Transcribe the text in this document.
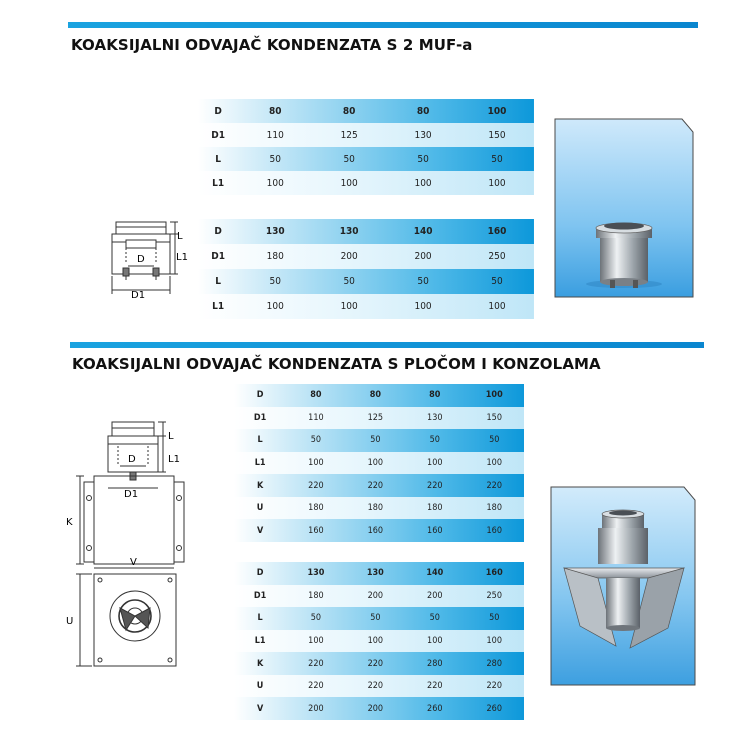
KOAKSIJALNI ODVAJAČ KONDENZATA S 2 MUF-a
D	80	80	80	100
D1	110	125	130	150
L	50	50	50	50
L1	100	100	100	100
D	130	130	140	160
D1	180	200	200	250
L	50	50	50	50
L1	100	100	100	100
L
L1
D
D1
KOAKSIJALNI ODVAJAČ KONDENZATA S PLOČOM I KONZOLAMA
D	80	80	80	100
D1	110	125	130	150
L	50	50	50	50
L1	100	100	100	100
K	220	220	220	220
U	180	180	180	180
V	160	160	160	160
D	130	130	140	160
D1	180	200	200	250
L	50	50	50	50
L1	100	100	100	100
K	220	220	280	280
U	220	220	220	220
V	200	200	260	260
L
L1
D
D1
K
V
U
